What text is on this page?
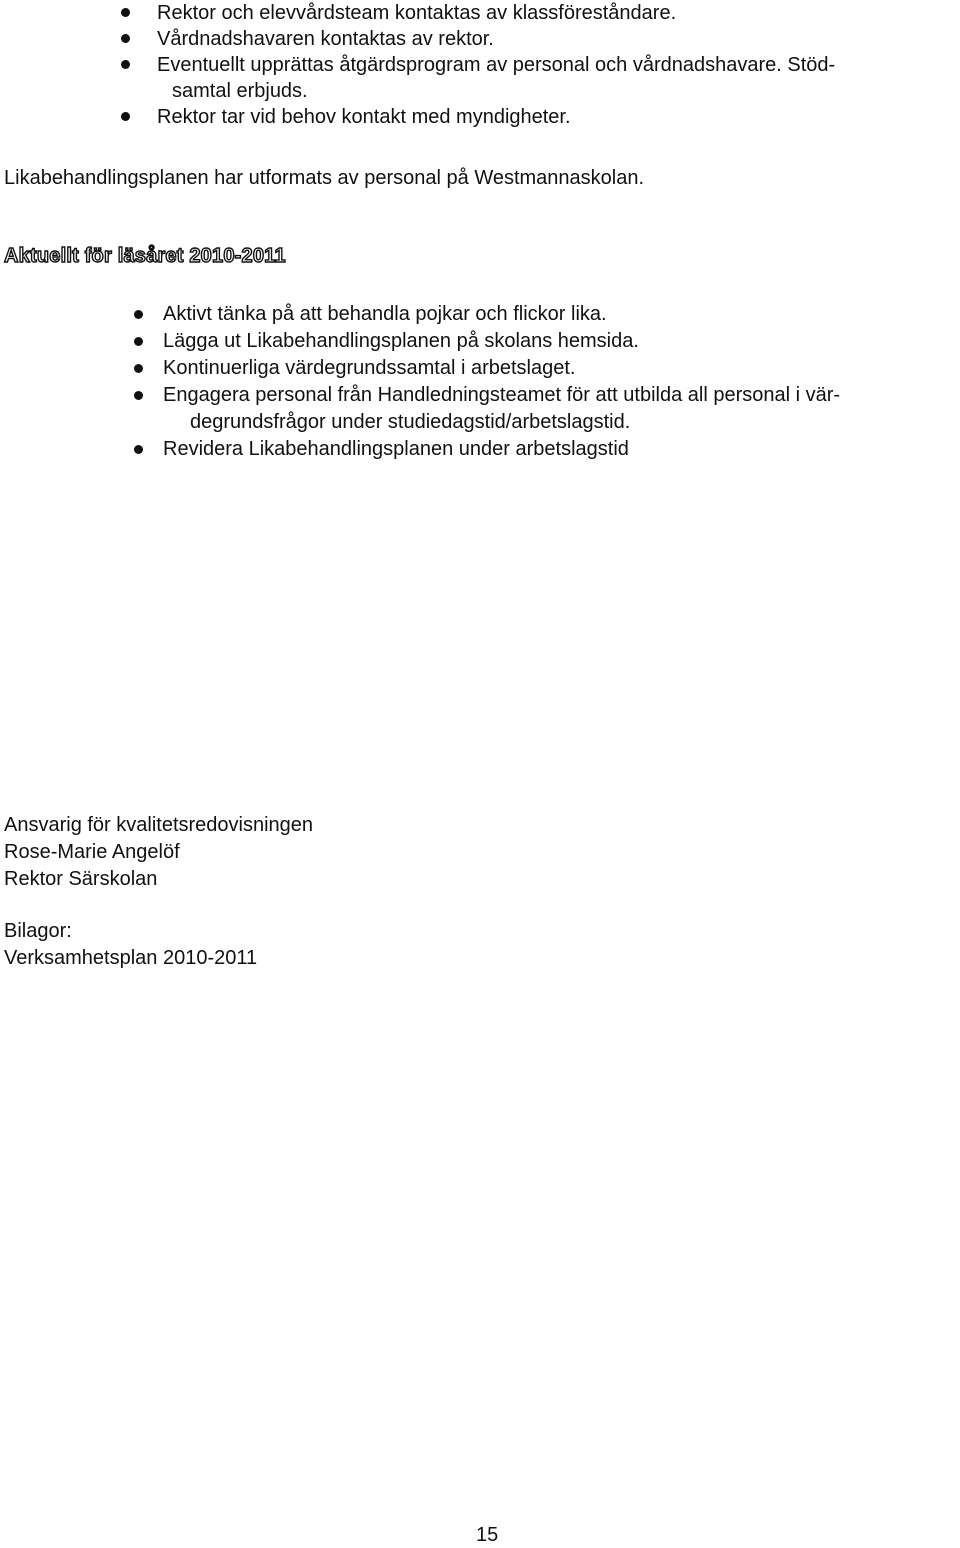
Rektor och elevvårdsteam kontaktas av klassföreståndare.
Vårdnadshavaren kontaktas av rektor.
Eventuellt upprättas åtgärdsprogram av personal och vårdnadshavare. Stöd-
samtal erbjuds.
Rektor tar vid behov kontakt med myndigheter.

Likabehandlingsplanen har utformats av personal på Westmannaskolan.

Aktuellt för läsåret 2010-2011
Aktivt tänka på att behandla pojkar och flickor lika.
Lägga ut Likabehandlingsplanen på skolans hemsida.
Kontinuerliga värdegrundssamtal i arbetslaget.
Engagera personal från Handledningsteamet för att utbilda all personal i vär-
degrundsfrågor under studiedagstid/arbetslagstid.
Revidera Likabehandlingsplanen under arbetslagstid
Ansvarig för kvalitetsredovisningen
Rose-Marie Angelöf
Rektor Särskolan
Bilagor:
Verksamhetsplan 2010-2011
15
